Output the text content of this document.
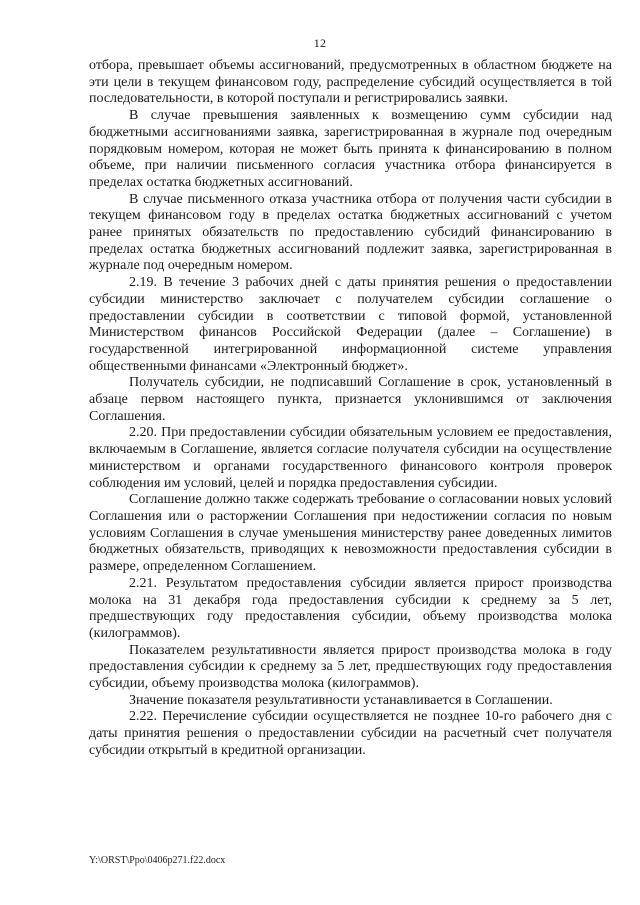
12

отбора, превышает объемы ассигнований, предусмотренных в областном бюджете на эти цели в текущем финансовом году, распределение субсидий осуществляется в той последовательности, в которой поступали и регистрировались заявки.

В случае превышения заявленных к возмещению сумм субсидии над бюджетными ассигнованиями заявка, зарегистрированная в журнале под очередным порядковым номером, которая не может быть принята к финансированию в полном объеме, при наличии письменного согласия участника отбора финансируется в пределах остатка бюджетных ассигнований.

В случае письменного отказа участника отбора от получения части субсидии в текущем финансовом году в пределах остатка бюджетных ассигнований с учетом ранее принятых обязательств по предоставлению субсидий финансированию в пределах остатка бюджетных ассигнований подлежит заявка, зарегистрированная в журнале под очередным номером.

2.19. В течение 3 рабочих дней с даты принятия решения о предоставлении субсидии министерство заключает с получателем субсидии соглашение о предоставлении субсидии в соответствии с типовой формой, установленной Министерством финансов Российской Федерации (далее – Соглашение) в государственной интегрированной информационной системе управления общественными финансами «Электронный бюджет».

Получатель субсидии, не подписавший Соглашение в срок, установленный в абзаце первом настоящего пункта, признается уклонившимся от заключения Соглашения.

2.20. При предоставлении субсидии обязательным условием ее предоставления, включаемым в Соглашение, является согласие получателя субсидии на осуществление министерством и органами государственного финансового контроля проверок соблюдения им условий, целей и порядка предоставления субсидии.

Соглашение должно также содержать требование о согласовании новых условий Соглашения или о расторжении Соглашения при недостижении согласия по новым условиям Соглашения в случае уменьшения министерству ранее доведенных лимитов бюджетных обязательств, приводящих к невозможности предоставления субсидии в размере, определенном Соглашением.

2.21. Результатом предоставления субсидии является прирост производства молока на 31 декабря года предоставления субсидии к среднему за 5 лет, предшествующих году предоставления субсидии, объему производства молока (килограммов).

Показателем результативности является прирост производства молока в году предоставления субсидии к среднему за 5 лет, предшествующих году предоставления субсидии, объему производства молока (килограммов).

Значение показателя результативности устанавливается в Соглашении.

2.22. Перечисление субсидии осуществляется не позднее 10-го рабочего дня с даты принятия решения о предоставлении субсидии на расчетный счет получателя субсидии открытый в кредитной организации.

Y:\ORST\Ppo\0406p271.f22.docx
